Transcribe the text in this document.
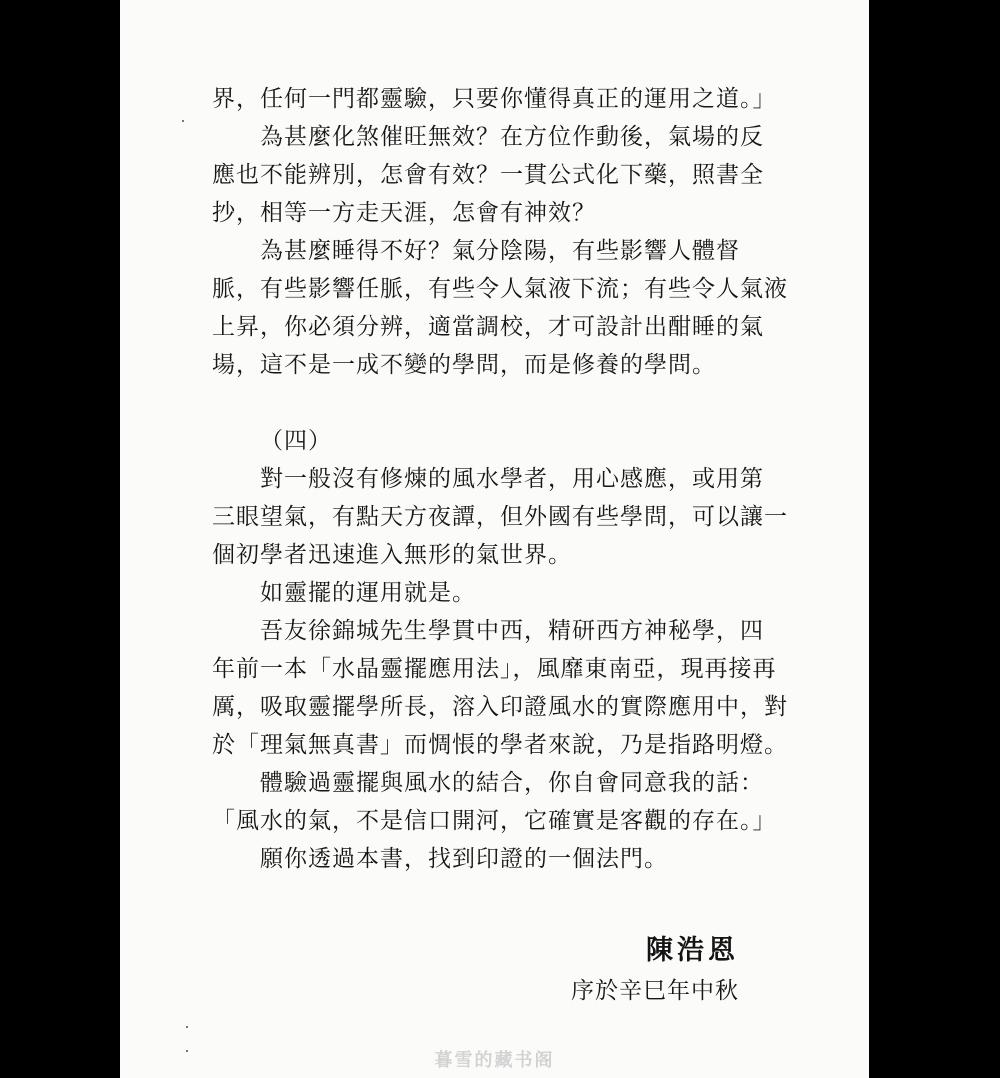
界，任何一門都靈驗，只要你懂得真正的運用之道。」
為甚麼化煞催旺無效？在方位作動後，氣場的反
應也不能辨別，怎會有效？一貫公式化下藥，照書全
抄，相等一方走天涯，怎會有神效？
為甚麼睡得不好？氣分陰陽，有些影響人體督
脈，有些影響任脈，有些令人氣液下流；有些令人氣液
上昇，你必須分辨，適當調校，才可設計出酣睡的氣
場，這不是一成不變的學問，而是修養的學問。
（四）
對一般沒有修煉的風水學者，用心感應，或用第
三眼望氣，有點天方夜譚，但外國有些學問，可以讓一
個初學者迅速進入無形的氣世界。
如靈擺的運用就是。
吾友徐錦城先生學貫中西，精研西方神秘學，四
年前一本「水晶靈擺應用法」，風靡東南亞，現再接再
厲，吸取靈擺學所長，溶入印證風水的實際應用中，對
於「理氣無真書」而惆悵的學者來說，乃是指路明燈。
體驗過靈擺與風水的結合，你自會同意我的話：
「風水的氣，不是信口開河，它確實是客觀的存在。」
願你透過本書，找到印證的一個法門。
陳浩恩
序於辛巳年中秋
暮雪的藏书阁
